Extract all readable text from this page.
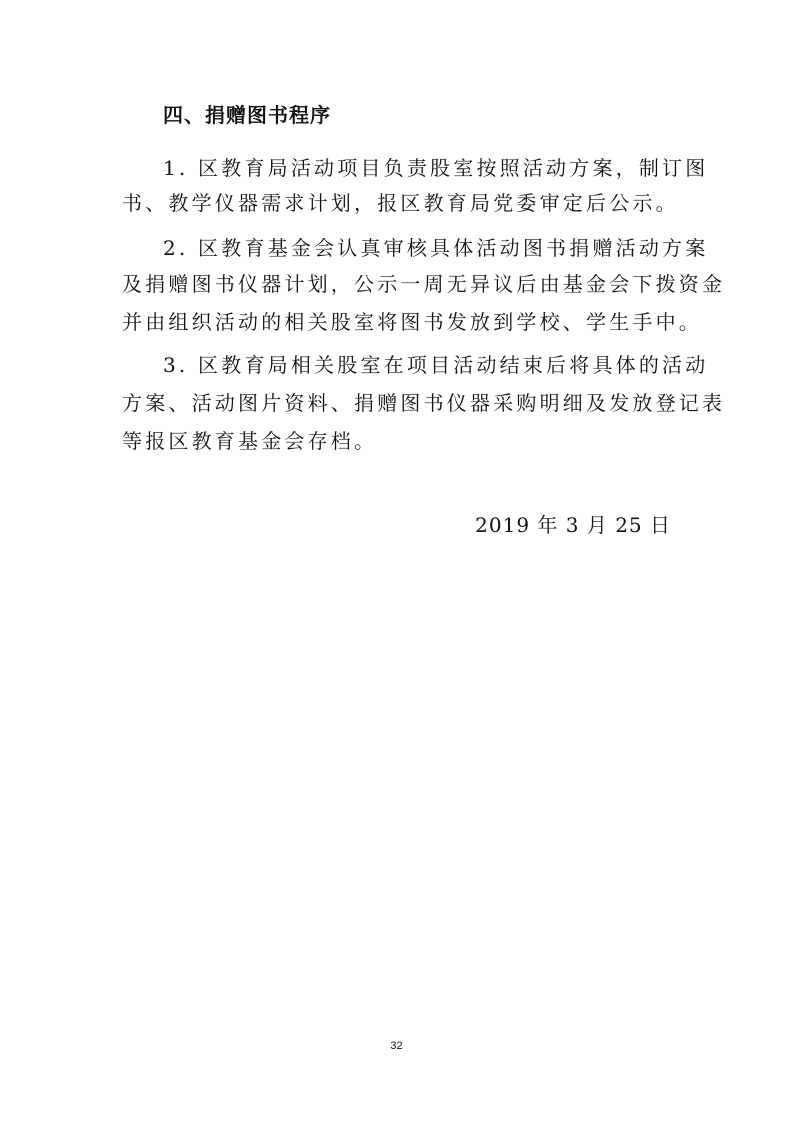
四、捐赠图书程序
1. 区教育局活动项目负责股室按照活动方案，制订图
书、教学仪器需求计划，报区教育局党委审定后公示。
2. 区教育基金会认真审核具体活动图书捐赠活动方案
及捐赠图书仪器计划，公示一周无异议后由基金会下拨资金
并由组织活动的相关股室将图书发放到学校、学生手中。
3. 区教育局相关股室在项目活动结束后将具体的活动
方案、活动图片资料、捐赠图书仪器采购明细及发放登记表
等报区教育基金会存档。
2019 年 3 月 25 日
32
